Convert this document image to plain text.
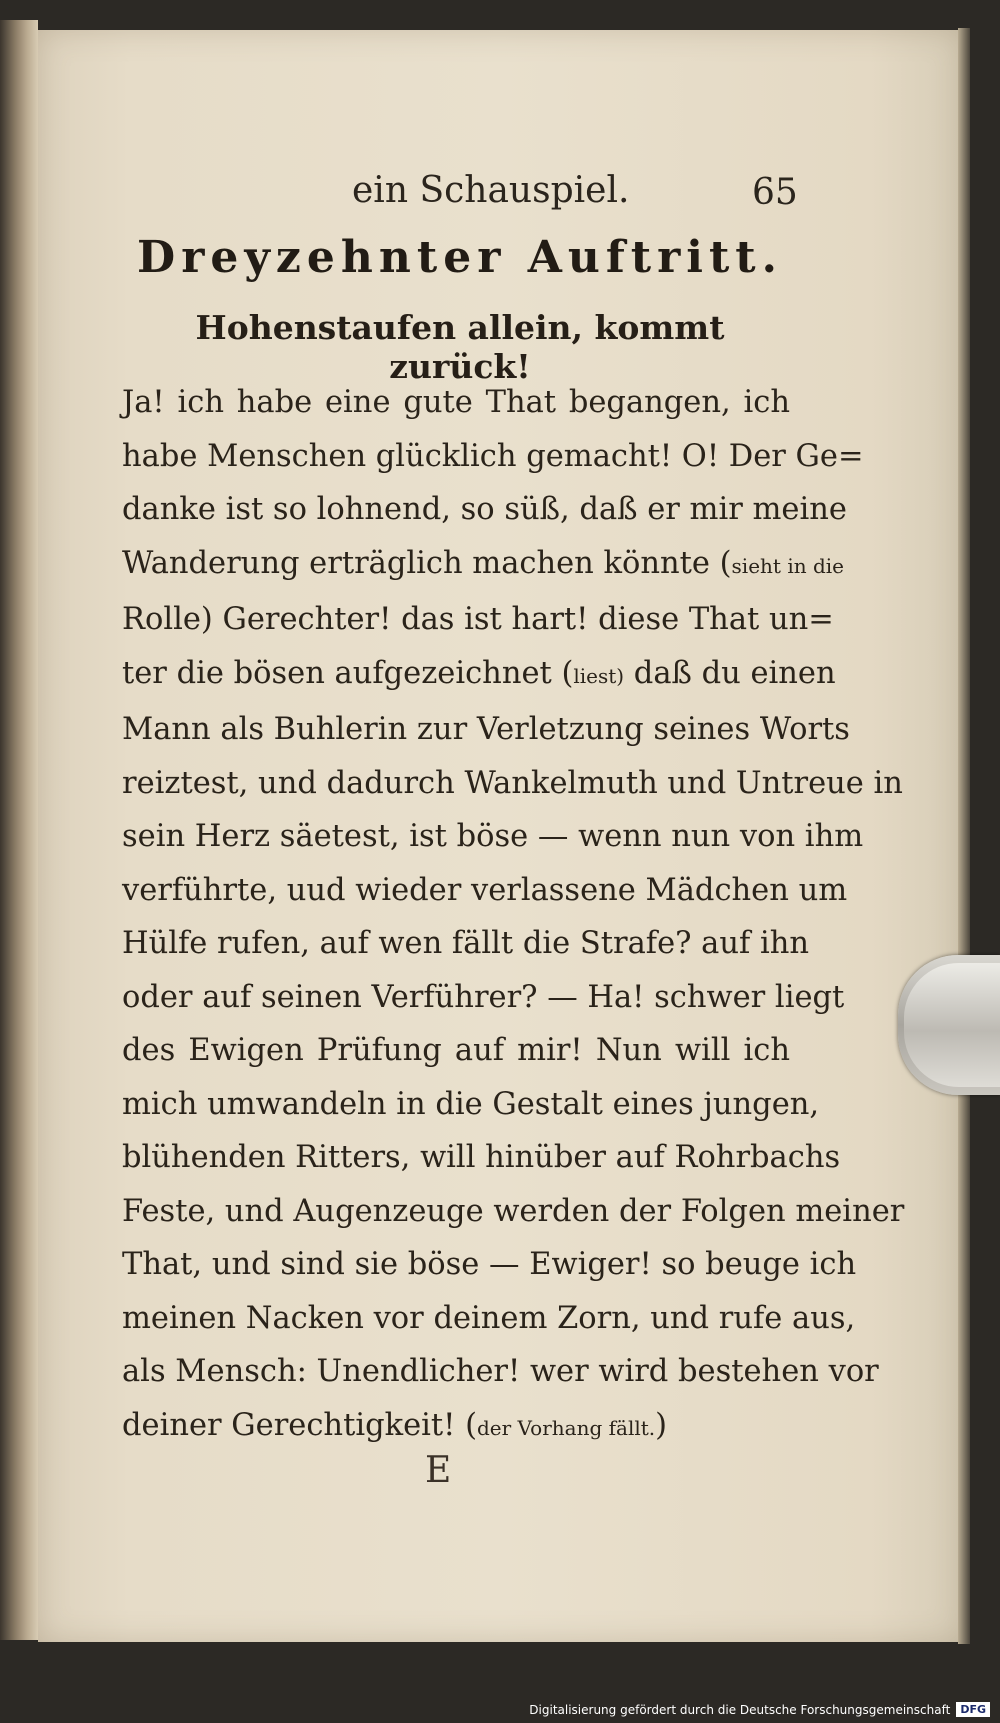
ein Schauspiel.	65
Dreyzehnter Auftritt.
Hohenstaufen allein, kommt zurück!
Ja! ich habe eine gute That begangen, ich
habe Menschen glücklich gemacht! O! Der Ge=
danke ist so lohnend, so süß, daß er mir meine
Wanderung erträglich machen könnte (sieht in die
Rolle) Gerechter! das ist hart! diese That un=
ter die bösen aufgezeichnet (liest) daß du einen
Mann als Buhlerin zur Verletzung seines Worts
reiztest, und dadurch Wankelmuth und Untreue in
sein Herz säetest, ist böse — wenn nun von ihm
verführte, uud wieder verlassene Mädchen um
Hülfe rufen, auf wen fällt die Strafe? auf ihn
oder auf seinen Verführer? — Ha! schwer liegt
des Ewigen Prüfung auf mir! Nun will ich
mich umwandeln in die Gestalt eines jungen,
blühenden Ritters, will hinüber auf Rohrbachs
Feste, und Augenzeuge werden der Folgen meiner
That, und sind sie böse — Ewiger! so beuge ich
meinen Nacken vor deinem Zorn, und rufe aus,
als Mensch: Unendlicher! wer wird bestehen vor
deiner Gerechtigkeit! (der Vorhang fällt.)
E
Digitalisierung gefördert durch die Deutsche Forschungsgemeinschaft DFG
